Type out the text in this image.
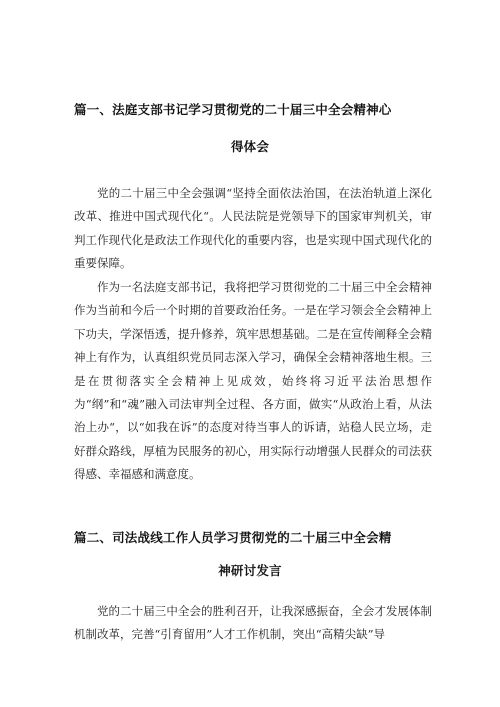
篇一、法庭支部书记学习贯彻党的二十届三中全会精神心
得体会
党的二十届三中全会强调“坚持全面依法治国，在法治轨道上深化改革、推进中国式现代化“。人民法院是党领导下的国家审判机关，审判工作现代化是政法工作现代化的重要内容，也是实现中国式现代化的重要保障。
作为一名法庭支部书记，我将把学习贯彻党的二十届三中全会精神作为当前和今后一个时期的首要政治任务。一是在学习领会全会精神上下功夫，学深悟透，提升修养，筑牢思想基础。二是在宣传阐释全会精神上有作为，认真组织党员同志深入学习，确保全会精神落地生根。三是在贯彻落实全会精神上见成效，始终将习近平法治思想作为“纲”和“魂”融入司法审判全过程、各方面，做实“从政治上看，从法治上办“，以“如我在诉”的态度对待当事人的诉请，站稳人民立场，走好群众路线，厚植为民服务的初心，用实际行动增强人民群众的司法获得感、幸福感和满意度。
篇二、司法战线工作人员学习贯彻党的二十届三中全会精
神研讨发言
党的二十届三中全会的胜利召开，让我深感振奋，全会才发展体制机制改革，完善“引育留用”人才工作机制，突出“高精尖缺”导
